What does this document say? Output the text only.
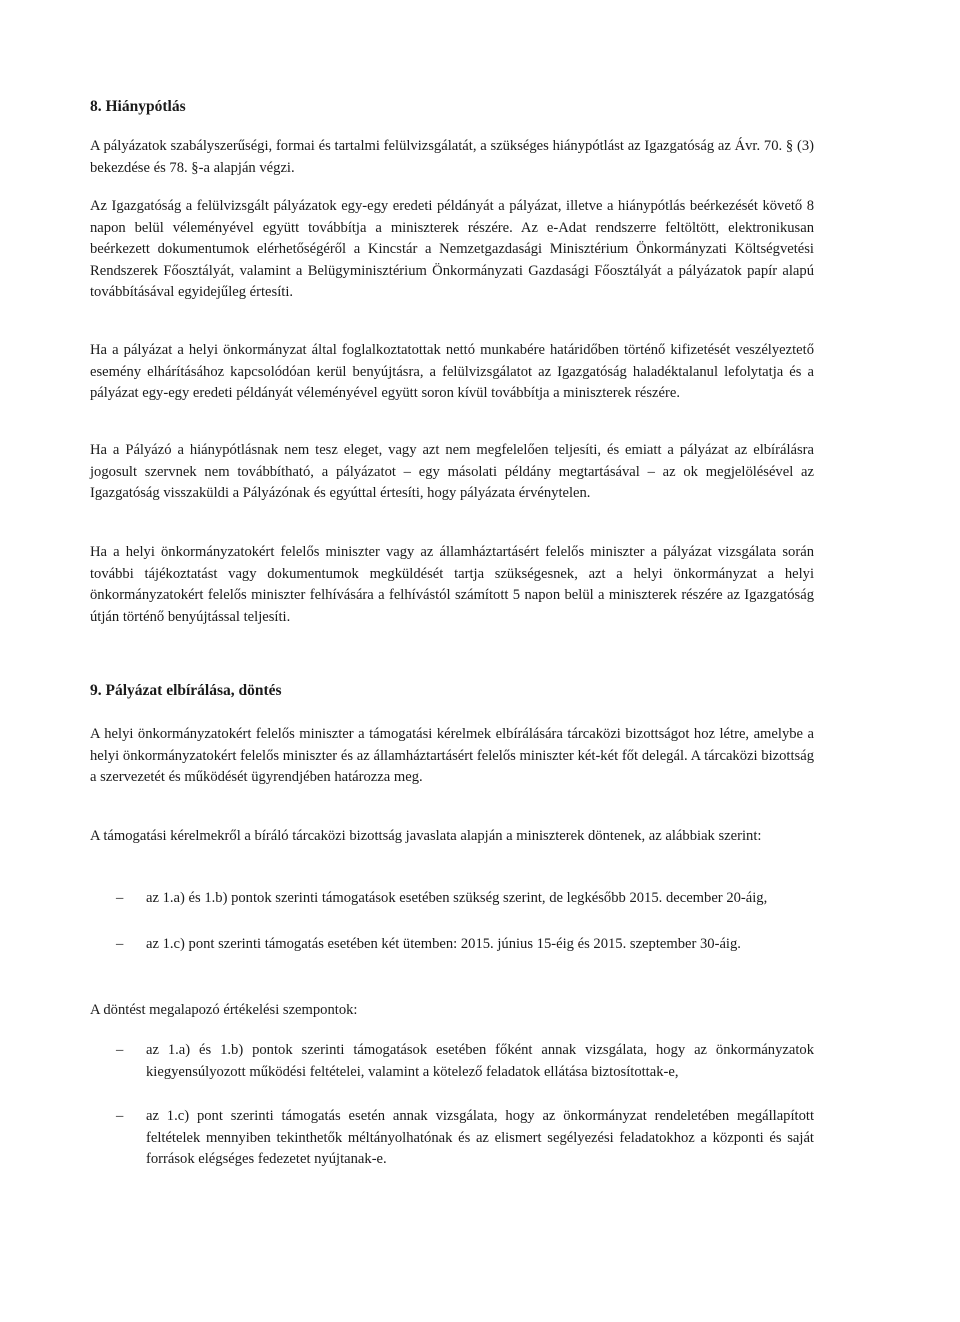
8. Hiánypótlás

A pályázatok szabályszerűségi, formai és tartalmi felülvizsgálatát, a szükséges hiánypótlást az Igazgatóság az Ávr. 70. § (3) bekezdése és 78. §-a alapján végzi.

Az Igazgatóság a felülvizsgált pályázatok egy-egy eredeti példányát a pályázat, illetve a hiánypótlás beérkezését követő 8 napon belül véleményével együtt továbbítja a miniszterek részére. Az e-Adat rendszerre feltöltött, elektronikusan beérkezett dokumentumok elérhetőségéről a Kincstár a Nemzetgazdasági Minisztérium Önkormányzati Költségvetési Rendszerek Főosztályát, valamint a Belügyminisztérium Önkormányzati Gazdasági Főosztályát a pályázatok papír alapú továbbításával egyidejűleg értesíti.

Ha a pályázat a helyi önkormányzat által foglalkoztatottak nettó munkabére határidőben történő kifizetését veszélyeztető esemény elhárításához kapcsolódóan kerül benyújtásra, a felülvizsgálatot az Igazgatóság haladéktalanul lefolytatja és a pályázat egy-egy eredeti példányát véleményével együtt soron kívül továbbítja a miniszterek részére.

Ha a Pályázó a hiánypótlásnak nem tesz eleget, vagy azt nem megfelelően teljesíti, és emiatt a pályázat az elbírálásra jogosult szervnek nem továbbítható, a pályázatot – egy másolati példány megtartásával – az ok megjelölésével az Igazgatóság visszaküldi a Pályázónak és egyúttal értesíti, hogy pályázata érvénytelen.

Ha a helyi önkormányzatokért felelős miniszter vagy az államháztartásért felelős miniszter a pályázat vizsgálata során további tájékoztatást vagy dokumentumok megküldését tartja szükségesnek, azt a helyi önkormányzat a helyi önkormányzatokért felelős miniszter felhívására a felhívástól számított 5 napon belül a miniszterek részére az Igazgatóság útján történő benyújtással teljesíti.

9. Pályázat elbírálása, döntés

A helyi önkormányzatokért felelős miniszter a támogatási kérelmek elbírálására tárcaközi bizottságot hoz létre, amelybe a helyi önkormányzatokért felelős miniszter és az államháztartásért felelős miniszter két-két főt delegál. A tárcaközi bizottság a szervezetét és működését ügyrendjében határozza meg.

A támogatási kérelmekről a bíráló tárcaközi bizottság javaslata alapján a miniszterek döntenek, az alábbiak szerint:

– az 1.a) és 1.b) pontok szerinti támogatások esetében szükség szerint, de legkésőbb 2015. december 20-áig,

– az 1.c) pont szerinti támogatás esetében két ütemben: 2015. június 15-éig és 2015. szeptember 30-áig.

A döntést megalapozó értékelési szempontok:

– az 1.a) és 1.b) pontok szerinti támogatások esetében főként annak vizsgálata, hogy az önkormányzatok kiegyensúlyozott működési feltételei, valamint a kötelező feladatok ellátása biztosítottak-e,

– az 1.c) pont szerinti támogatás esetén annak vizsgálata, hogy az önkormányzat rendeletében megállapított feltételek mennyiben tekinthetők méltányolhatónak és az elismert segélyezési feladatokhoz a központi és saját források elégséges fedezetet nyújtanak-e.
